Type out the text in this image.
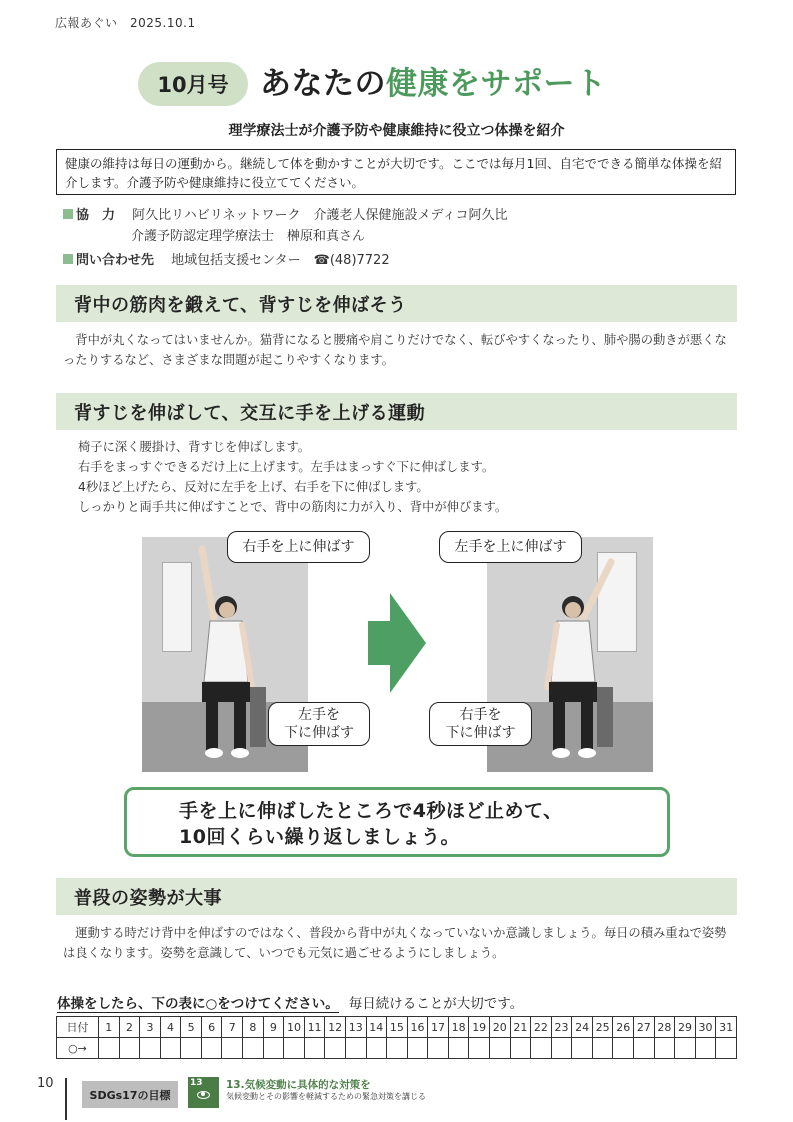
広報あぐい　2025.10.1
10月号	あなたの健康をサポート
理学療法士が介護予防や健康維持に役立つ体操を紹介
健康の維持は毎日の運動から。継続して体を動かすことが大切です。ここでは毎月1回、自宅でできる簡単な体操を紹介します。介護予防や健康維持に役立ててください。
協　力　 阿久比リハビリネットワーク　介護老人保健施設メディコ阿久比
介護予防認定理学療法士　榊原和真さん
問い合わせ先　 地域包括支援センター　☎(48)7722
背中の筋肉を鍛えて、背すじを伸ばそう
背中が丸くなってはいませんか。猫背になると腰痛や肩こりだけでなく、転びやすくなったり、肺や腸の動きが悪くなったりするなど、さまざまな問題が起こりやすくなります。
背すじを伸ばして、交互に手を上げる運動
椅子に深く腰掛け、背すじを伸ばします。
右手をまっすぐできるだけ上に上げます。左手はまっすぐ下に伸ばします。
4秒ほど上げたら、反対に左手を上げ、右手を下に伸ばします。
しっかりと両手共に伸ばすことで、背中の筋肉に力が入り、背中が伸びます。
右手を上に伸ばす
左手を
下に伸ばす
左手を上に伸ばす
右手を
下に伸ばす
手を上に伸ばしたところで4秒ほど止めて、
10回くらい繰り返しましょう。
普段の姿勢が大事
運動する時だけ背中を伸ばすのではなく、普段から背中が丸くなっていないか意識しましょう。毎日の積み重ねで姿勢は良くなります。姿勢を意識して、いつでも元気に過ごせるようにしましょう。
体操をしたら、下の表に○をつけてください。 毎日続けることが大切です。
日付	1	2	3	4	5	6	7	8	9	10	11	12	13	14	15	16	17	18	19	20	21	22	23	24	25	26	27	28	29	30	31
○→																															
10
SDGs17の目標
13 13.気候変動に具体的な対策を
気候変動とその影響を軽減するための緊急対策を講じる
